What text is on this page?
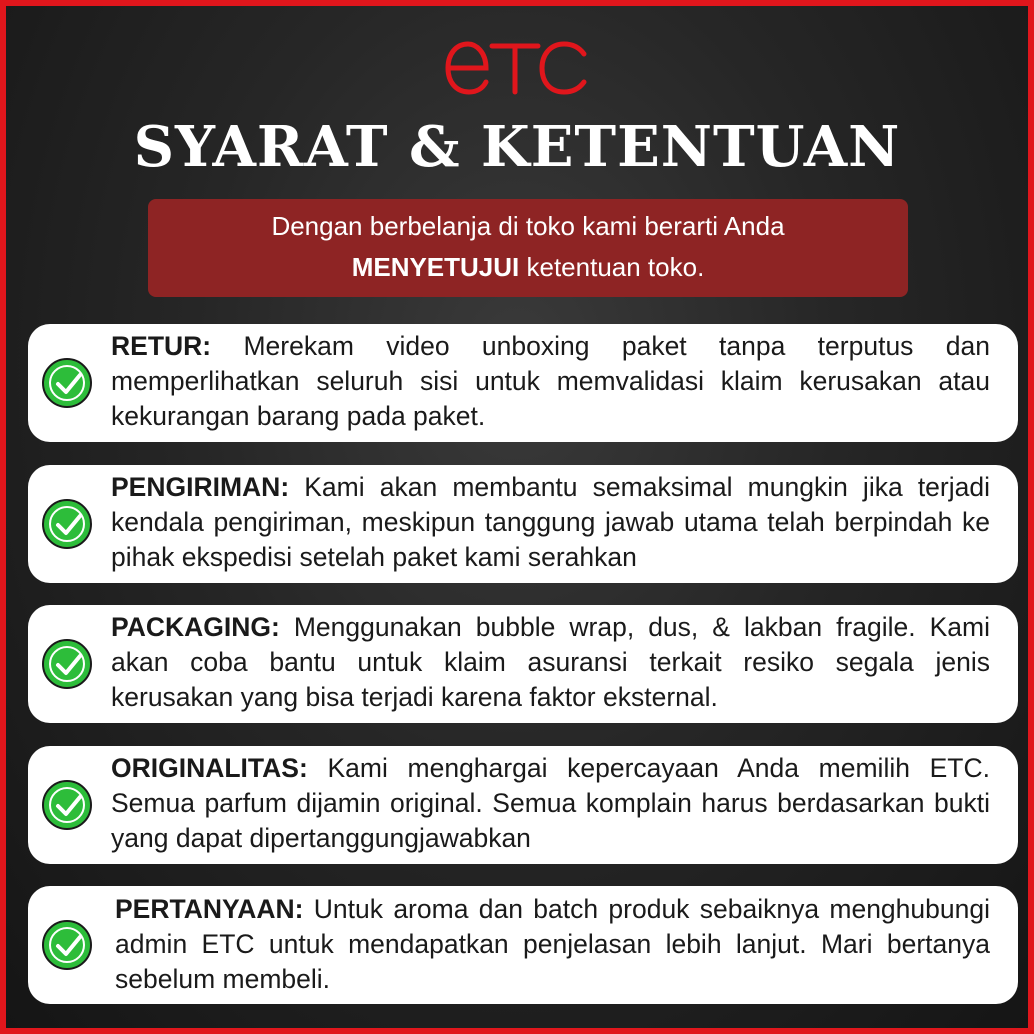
SYARAT & KETENTUAN
Dengan berbelanja di toko kami berarti Anda
MENYETUJUI ketentuan toko.
RETUR: Merekam video unboxing paket tanpa terputus dan memperlihatkan seluruh sisi untuk memvalidasi klaim kerusakan atau kekurangan barang pada paket.
PENGIRIMAN: Kami akan membantu semaksimal mungkin jika terjadi kendala pengiriman, meskipun tanggung jawab utama telah berpindah ke pihak ekspedisi setelah paket kami serahkan
PACKAGING: Menggunakan bubble wrap, dus, & lakban fragile. Kami akan coba bantu untuk klaim asuransi terkait resiko segala jenis kerusakan yang bisa terjadi karena faktor eksternal.
ORIGINALITAS: Kami menghargai kepercayaan Anda memilih ETC. Semua parfum dijamin original. Semua komplain harus berdasarkan bukti yang dapat dipertanggungjawabkan
PERTANYAAN: Untuk aroma dan batch produk sebaiknya menghubungi admin ETC untuk mendapatkan penjelasan lebih lanjut. Mari bertanya sebelum membeli.
